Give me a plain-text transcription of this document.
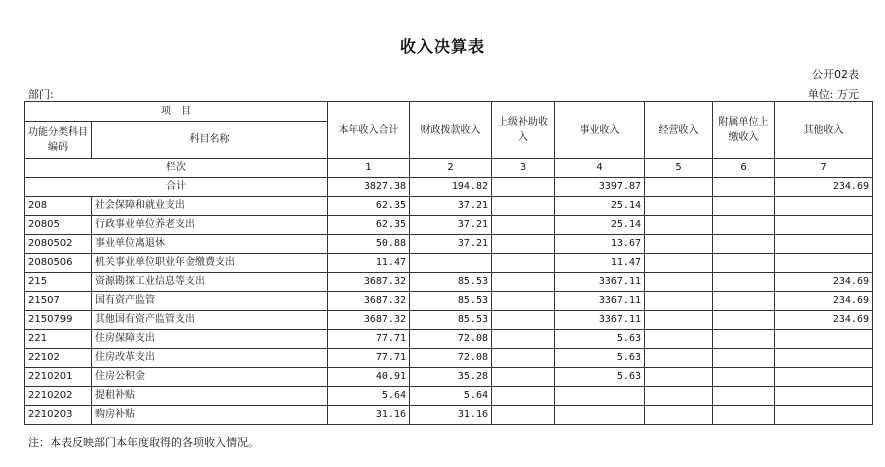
收入决算表
公开02表
部门:	单位: 万元
项　目		本年收入合计	财政拨款收入	上级补助收入	事业收入	经营收入	附属单位上缴收入	其他收入
功能分类科目编码	科目名称							
栏次		1	2	3	4	5	6	7
合计		3827.38	194.82		3397.87			234.69
208	社会保障和就业支出	62.35	37.21		25.14			
20805	行政事业单位养老支出	62.35	37.21		25.14			
2080502	事业单位离退休	50.88	37.21		13.67			
2080506	机关事业单位职业年金缴费支出	11.47			11.47			
215	资源勘探工业信息等支出	3687.32	85.53		3367.11			234.69
21507	国有资产监管	3687.32	85.53		3367.11			234.69
2150799	其他国有资产监管支出	3687.32	85.53		3367.11			234.69
221	住房保障支出	77.71	72.08		5.63			
22102	住房改革支出	77.71	72.08		5.63			
2210201	住房公积金	40.91	35.28		5.63			
2210202	提租补贴	5.64	5.64					
2210203	购房补贴	31.16	31.16					
注：本表反映部门本年度取得的各项收入情况。
